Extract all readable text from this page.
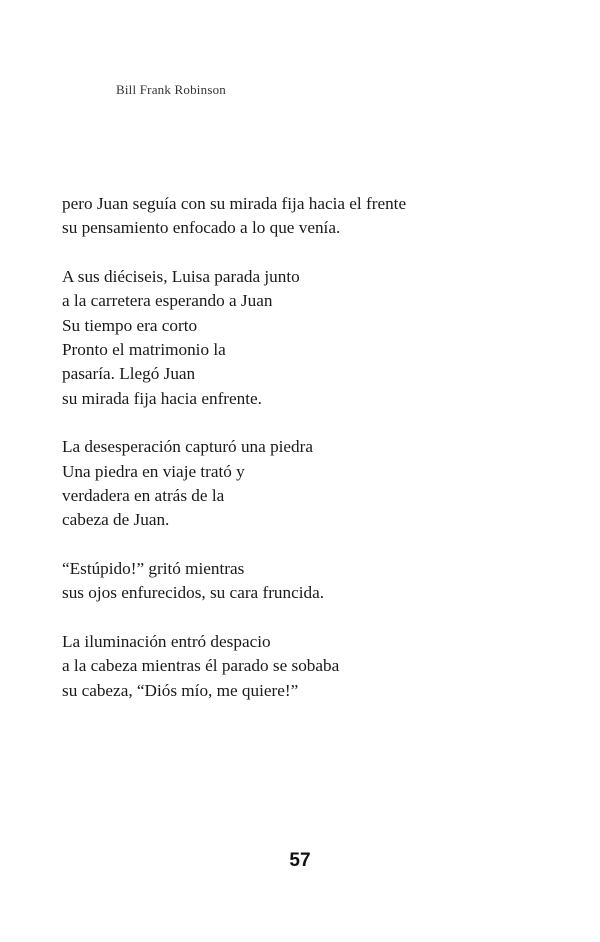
Bill Frank Robinson
pero Juan seguía con su mirada fija hacia el frente
su pensamiento enfocado a lo que venía.
A sus diéciseis, Luisa parada junto
a la carretera esperando a Juan
Su tiempo era corto
Pronto el matrimonio la
pasaría. Llegó Juan
su mirada fija hacia enfrente.
La desesperación capturó una piedra
Una piedra en viaje trató y
verdadera en atrás de la
cabeza de Juan.
“Estúpido!” gritó mientras
sus ojos enfurecidos, su cara fruncida.
La iluminación entró despacio
a la cabeza mientras él parado se sobaba
su cabeza, “Diós mío, me quiere!”
57
